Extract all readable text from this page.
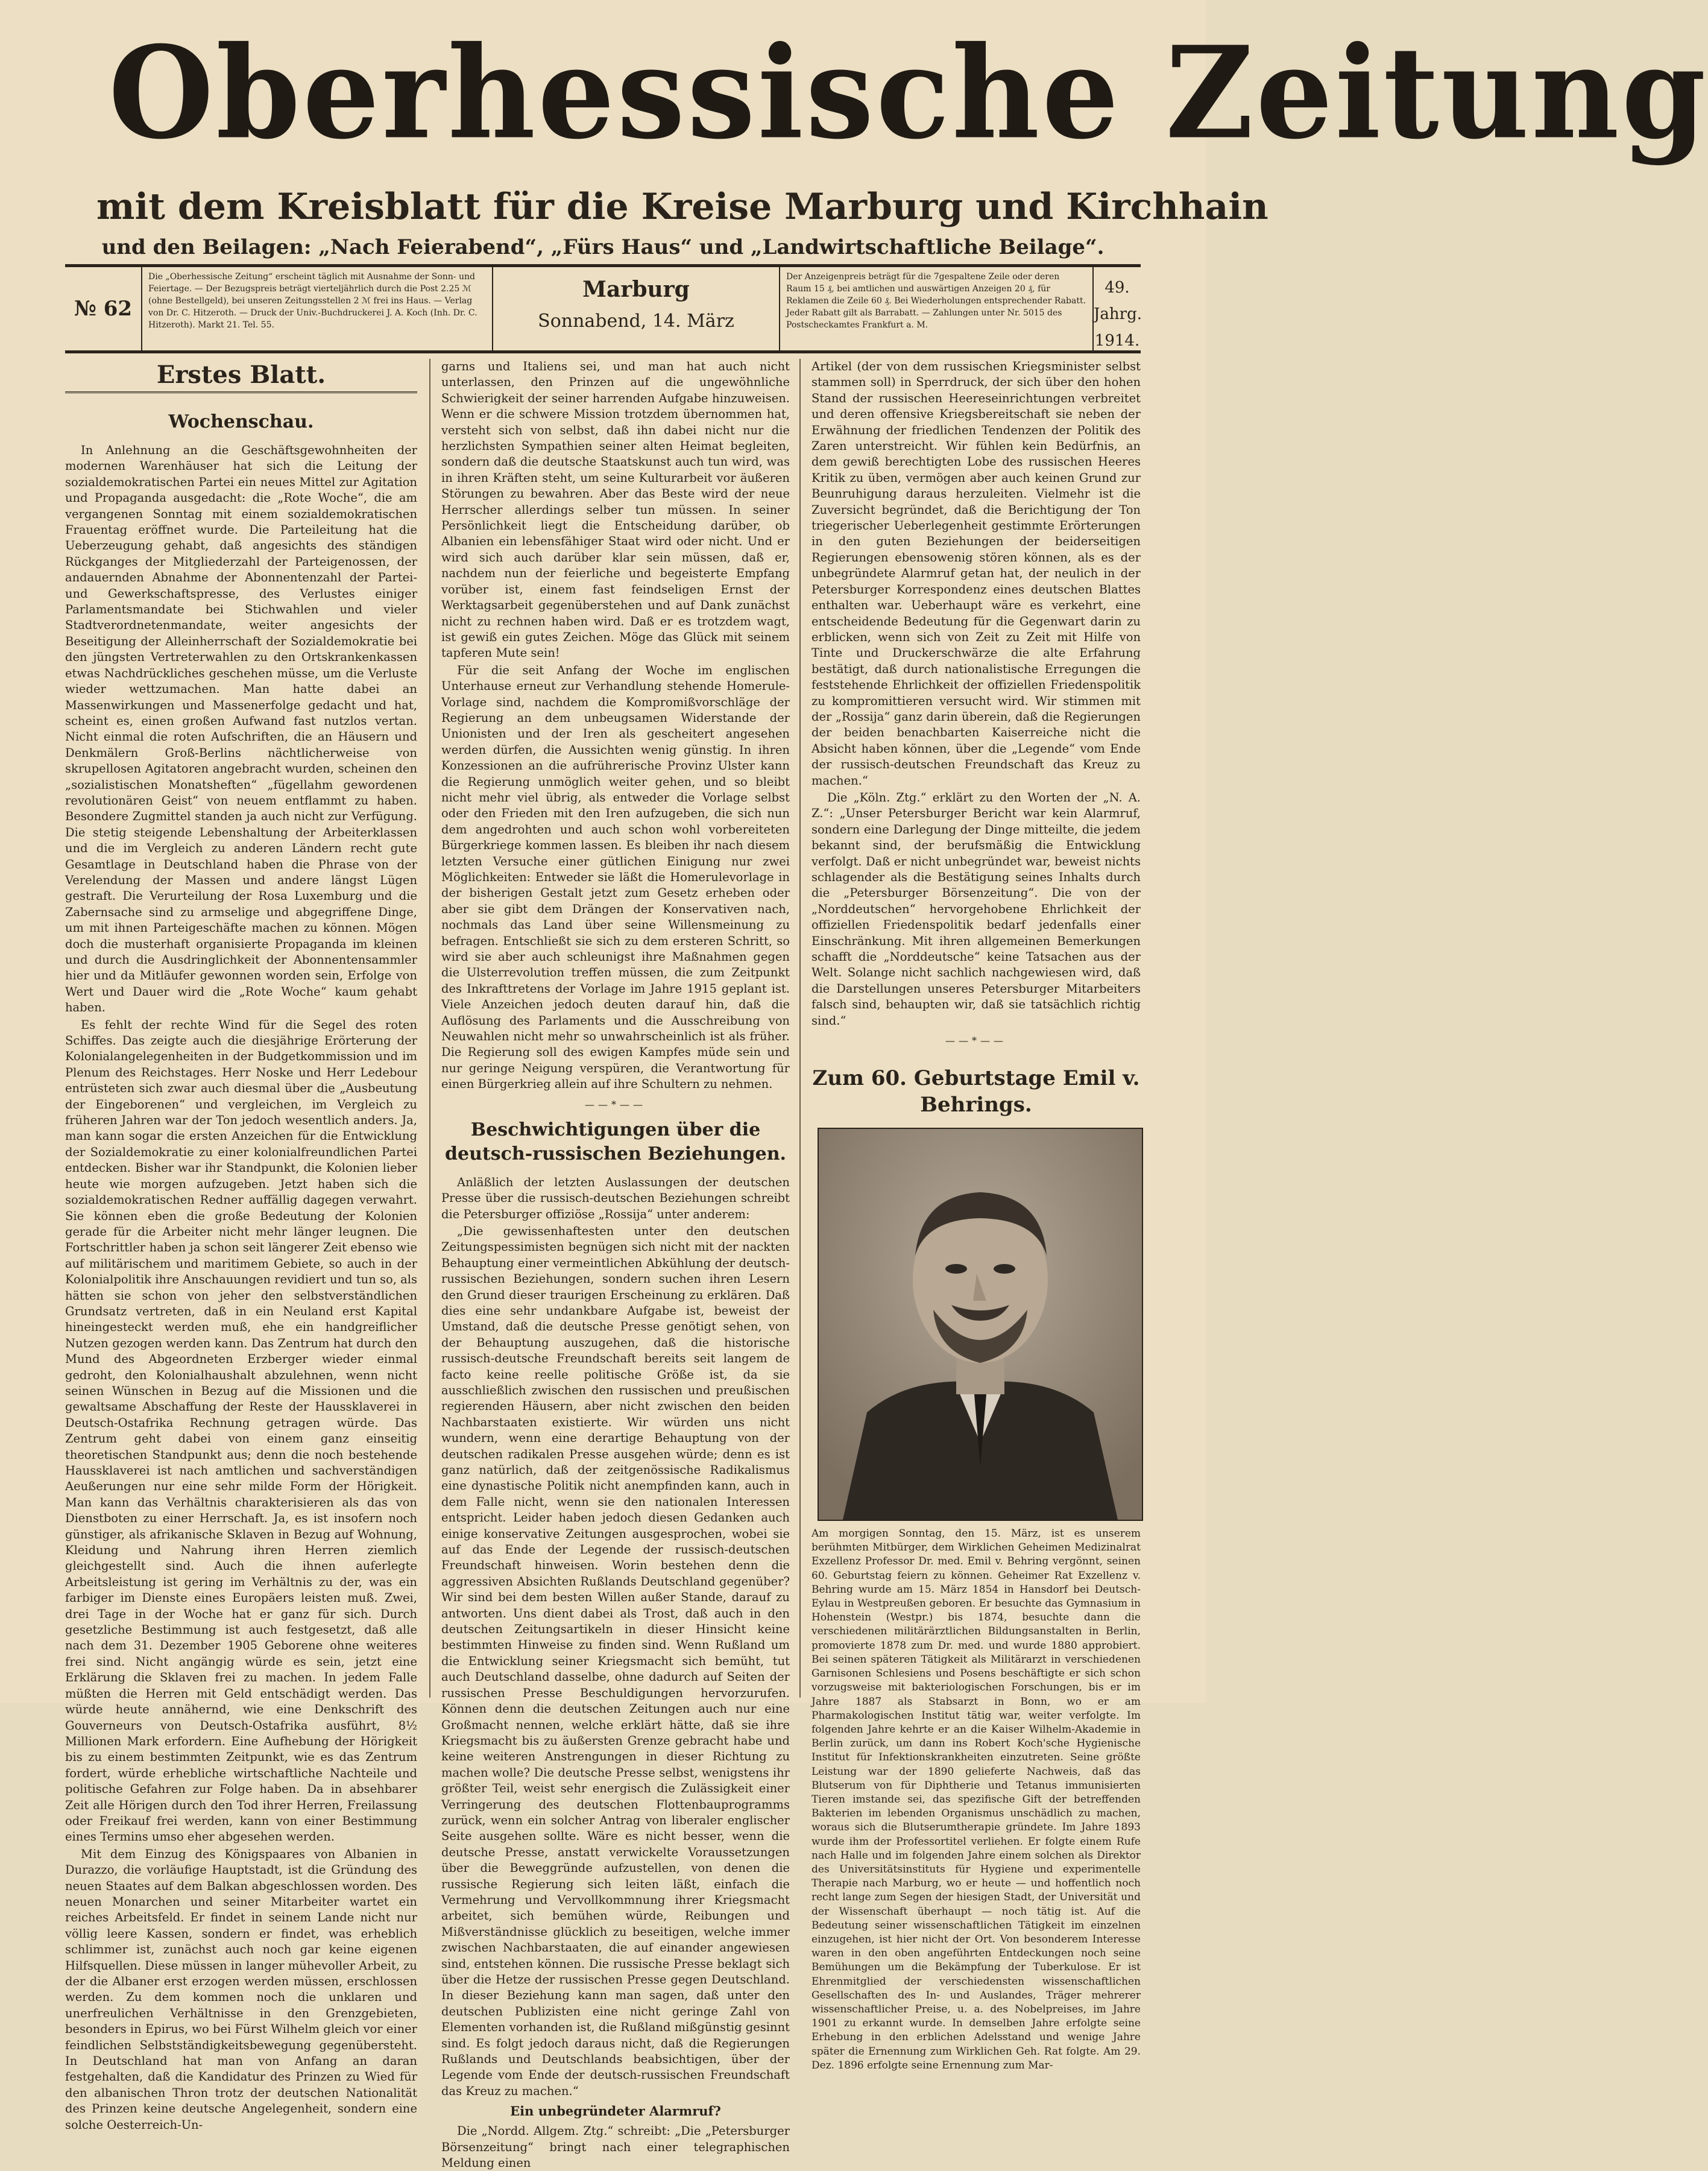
Oberhessische Zeitung
mit dem Kreisblatt für die Kreise Marburg und Kirchhain
und den Beilagen: „Nach Feierabend“, „Fürs Haus“ und „Landwirtschaftliche Beilage“.
№ 62
Die „Oberhessische Zeitung“ erscheint täglich mit Ausnahme der Sonn- und Feiertage. — Der Bezugspreis beträgt vierteljährlich durch die Post 2.25 ℳ (ohne Bestellgeld), bei unseren Zeitungsstellen 2 ℳ frei ins Haus. — Verlag von Dr. C. Hitzeroth. — Druck der Univ.-Buchdruckerei J. A. Koch (Inh. Dr. C. Hitzeroth). Markt 21. Tel. 55.
Marburg
Sonnabend, 14. März
Der Anzeigenpreis beträgt für die 7gespaltene Zeile oder deren Raum 15 ₰, bei amtlichen und auswärtigen Anzeigen 20 ₰, für Reklamen die Zeile 60 ₰. Bei Wiederholungen entsprechender Rabatt. Jeder Rabatt gilt als Barrabatt. — Zahlungen unter Nr. 5015 des Postscheckamtes Frankfurt a. M.
49. Jahrg.
1914.
Erstes Blatt.
Wochenschau.

In Anlehnung an die Geschäftsgewohnheiten der modernen Warenhäuser hat sich die Leitung der sozialdemokratischen Partei ein neues Mittel zur Agitation und Propaganda ausgedacht: die „Rote Woche“, die am vergangenen Sonntag mit einem sozialdemokratischen Frauentag eröffnet wurde. Die Parteileitung hat die Ueberzeugung gehabt, daß angesichts des ständigen Rückganges der Mitgliederzahl der Parteigenossen, der andauernden Abnahme der Abonnentenzahl der Partei- und Gewerkschaftspresse, des Verlustes einiger Parlamentsmandate bei Stichwahlen und vieler Stadtverordnetenmandate, weiter angesichts der Beseitigung der Alleinherrschaft der Sozialdemokratie bei den jüngsten Vertreterwahlen zu den Ortskrankenkassen etwas Nachdrückliches geschehen müsse, um die Verluste wieder wettzumachen. Man hatte dabei an Massenwirkungen und Massenerfolge gedacht und hat, scheint es, einen großen Aufwand fast nutzlos vertan. Nicht einmal die roten Aufschriften, die an Häusern und Denkmälern Groß-Berlins nächtlicherweise von skrupellosen Agitatoren angebracht wurden, scheinen den „sozialistischen Monatsheften“ „fügellahm gewordenen revolutionären Geist“ von neuem entflammt zu haben. Besondere Zugmittel standen ja auch nicht zur Verfügung. Die stetig steigende Lebenshaltung der Arbeiterklassen und die im Vergleich zu anderen Ländern recht gute Gesamtlage in Deutschland haben die Phrase von der Verelendung der Massen und andere längst Lügen gestraft. Die Verurteilung der Rosa Luxemburg und die Zabernsache sind zu armselige und abgegriffene Dinge, um mit ihnen Parteigeschäfte machen zu können. Mögen doch die musterhaft organisierte Propaganda im kleinen und durch die Ausdringlichkeit der Abonnentensammler hier und da Mitläufer gewonnen worden sein, Erfolge von Wert und Dauer wird die „Rote Woche“ kaum gehabt haben.

Es fehlt der rechte Wind für die Segel des roten Schiffes. Das zeigte auch die diesjährige Erörterung der Kolonialangelegenheiten in der Budgetkommission und im Plenum des Reichstages. Herr Noske und Herr Ledebour entrüsteten sich zwar auch diesmal über die „Ausbeutung der Eingeborenen“ und vergleichen, im Vergleich zu früheren Jahren war der Ton jedoch wesentlich anders. Ja, man kann sogar die ersten Anzeichen für die Entwicklung der Sozialdemokratie zu einer kolonialfreundlichen Partei entdecken. Bisher war ihr Standpunkt, die Kolonien lieber heute wie morgen aufzugeben. Jetzt haben sich die sozialdemokratischen Redner auffällig dagegen verwahrt. Sie können eben die große Bedeutung der Kolonien gerade für die Arbeiter nicht mehr länger leugnen. Die Fortschrittler haben ja schon seit längerer Zeit ebenso wie auf militärischem und maritimem Gebiete, so auch in der Kolonialpolitik ihre Anschauungen revidiert und tun so, als hätten sie schon von jeher den selbstverständlichen Grundsatz vertreten, daß in ein Neuland erst Kapital hineingesteckt werden muß, ehe ein handgreiflicher Nutzen gezogen werden kann. Das Zentrum hat durch den Mund des Abgeordneten Erzberger wieder einmal gedroht, den Kolonialhaushalt abzulehnen, wenn nicht seinen Wünschen in Bezug auf die Missionen und die gewaltsame Abschaffung der Reste der Haussklaverei in Deutsch-Ostafrika Rechnung getragen würde. Das Zentrum geht dabei von einem ganz einseitig theoretischen Standpunkt aus; denn die noch bestehende Haussklaverei ist nach amtlichen und sachverständigen Aeußerungen nur eine sehr milde Form der Hörigkeit. Man kann das Verhältnis charakterisieren als das von Dienstboten zu einer Herrschaft. Ja, es ist insofern noch günstiger, als afrikanische Sklaven in Bezug auf Wohnung, Kleidung und Nahrung ihren Herren ziemlich gleichgestellt sind. Auch die ihnen auferlegte Arbeitsleistung ist gering im Verhältnis zu der, was ein farbiger im Dienste eines Europäers leisten muß. Zwei, drei Tage in der Woche hat er ganz für sich. Durch gesetzliche Bestimmung ist auch festgesetzt, daß alle nach dem 31. Dezember 1905 Geborene ohne weiteres frei sind. Nicht angängig würde es sein, jetzt eine Erklärung die Sklaven frei zu machen. In jedem Falle müßten die Herren mit Geld entschädigt werden. Das würde heute annähernd, wie eine Denkschrift des Gouverneurs von Deutsch-Ostafrika ausführt, 8½ Millionen Mark erfordern. Eine Aufhebung der Hörigkeit bis zu einem bestimmten Zeitpunkt, wie es das Zentrum fordert, würde erhebliche wirtschaftliche Nachteile und politische Gefahren zur Folge haben. Da in absehbarer Zeit alle Hörigen durch den Tod ihrer Herren, Freilassung oder Freikauf frei werden, kann von einer Bestimmung eines Termins umso eher abgesehen werden.

Mit dem Einzug des Königspaares von Albanien in Durazzo, die vorläufige Hauptstadt, ist die Gründung des neuen Staates auf dem Balkan abgeschlossen worden. Des neuen Monarchen und seiner Mitarbeiter wartet ein reiches Arbeitsfeld. Er findet in seinem Lande nicht nur völlig leere Kassen, sondern er findet, was erheblich schlimmer ist, zunächst auch noch gar keine eigenen Hilfsquellen. Diese müssen in langer mühevoller Arbeit, zu der die Albaner erst erzogen werden müssen, erschlossen werden. Zu dem kommen noch die unklaren und unerfreulichen Verhältnisse in den Grenzgebieten, besonders in Epirus, wo bei Fürst Wilhelm gleich vor einer feindlichen Selbstständigkeitsbewegung gegenübersteht. In Deutschland hat man von Anfang an daran festgehalten, daß die Kandidatur des Prinzen zu Wied für den albanischen Thron trotz der deutschen Nationalität des Prinzen keine deutsche Angelegenheit, sondern eine solche Oesterreich-Un-

garns und Italiens sei, und man hat auch nicht unterlassen, den Prinzen auf die ungewöhnliche Schwierigkeit der seiner harrenden Aufgabe hinzuweisen. Wenn er die schwere Mission trotzdem übernommen hat, versteht sich von selbst, daß ihn dabei nicht nur die herzlichsten Sympathien seiner alten Heimat begleiten, sondern daß die deutsche Staatskunst auch tun wird, was in ihren Kräften steht, um seine Kulturarbeit vor äußeren Störungen zu bewahren. Aber das Beste wird der neue Herrscher allerdings selber tun müssen. In seiner Persönlichkeit liegt die Entscheidung darüber, ob Albanien ein lebensfähiger Staat wird oder nicht. Und er wird sich auch darüber klar sein müssen, daß er, nachdem nun der feierliche und begeisterte Empfang vorüber ist, einem fast feindseligen Ernst der Werktagsarbeit gegenüberstehen und auf Dank zunächst nicht zu rechnen haben wird. Daß er es trotzdem wagt, ist gewiß ein gutes Zeichen. Möge das Glück mit seinem tapferen Mute sein!

Für die seit Anfang der Woche im englischen Unterhause erneut zur Verhandlung stehende Homerule-Vorlage sind, nachdem die Kompromißvorschläge der Regierung an dem unbeugsamen Widerstande der Unionisten und der Iren als gescheitert angesehen werden dürfen, die Aussichten wenig günstig. In ihren Konzessionen an die aufrührerische Provinz Ulster kann die Regierung unmöglich weiter gehen, und so bleibt nicht mehr viel übrig, als entweder die Vorlage selbst oder den Frieden mit den Iren aufzugeben, die sich nun dem angedrohten und auch schon wohl vorbereiteten Bürgerkriege kommen lassen. Es bleiben ihr nach diesem letzten Versuche einer gütlichen Einigung nur zwei Möglichkeiten: Entweder sie läßt die Homerulevorlage in der bisherigen Gestalt jetzt zum Gesetz erheben oder aber sie gibt dem Drängen der Konservativen nach, nochmals das Land über seine Willensmeinung zu befragen. Entschließt sie sich zu dem ersteren Schritt, so wird sie aber auch schleunigst ihre Maßnahmen gegen die Ulsterrevolution treffen müssen, die zum Zeitpunkt des Inkrafttretens der Vorlage im Jahre 1915 geplant ist. Viele Anzeichen jedoch deuten darauf hin, daß die Auflösung des Parlaments und die Ausschreibung von Neuwahlen nicht mehr so unwahrscheinlich ist als früher. Die Regierung soll des ewigen Kampfes müde sein und nur geringe Neigung verspüren, die Verantwortung für einen Bürgerkrieg allein auf ihre Schultern zu nehmen.

——*——
Beschwichtigungen über die deutsch-russischen Beziehungen.

Anläßlich der letzten Auslassungen der deutschen Presse über die russisch-deutschen Beziehungen schreibt die Petersburger offiziöse „Rossija“ unter anderem:

„Die gewissenhaftesten unter den deutschen Zeitungspessimisten begnügen sich nicht mit der nackten Behauptung einer vermeintlichen Abkühlung der deutsch-russischen Beziehungen, sondern suchen ihren Lesern den Grund dieser traurigen Erscheinung zu erklären. Daß dies eine sehr undankbare Aufgabe ist, beweist der Umstand, daß die deutsche Presse genötigt sehen, von der Behauptung auszugehen, daß die historische russisch-deutsche Freundschaft bereits seit langem de facto keine reelle politische Größe ist, da sie ausschließlich zwischen den russischen und preußischen regierenden Häusern, aber nicht zwischen den beiden Nachbarstaaten existierte. Wir würden uns nicht wundern, wenn eine derartige Behauptung von der deutschen radikalen Presse ausgehen würde; denn es ist ganz natürlich, daß der zeitgenössische Radikalismus eine dynastische Politik nicht anempfinden kann, auch in dem Falle nicht, wenn sie den nationalen Interessen entspricht. Leider haben jedoch diesen Gedanken auch einige konservative Zeitungen ausgesprochen, wobei sie auf das Ende der Legende der russisch-deutschen Freundschaft hinweisen. Worin bestehen denn die aggressiven Absichten Rußlands Deutschland gegenüber? Wir sind bei dem besten Willen außer Stande, darauf zu antworten. Uns dient dabei als Trost, daß auch in den deutschen Zeitungsartikeln in dieser Hinsicht keine bestimmten Hinweise zu finden sind. Wenn Rußland um die Entwicklung seiner Kriegsmacht sich bemüht, tut auch Deutschland dasselbe, ohne dadurch auf Seiten der russischen Presse Beschuldigungen hervorzurufen. Können denn die deutschen Zeitungen auch nur eine Großmacht nennen, welche erklärt hätte, daß sie ihre Kriegsmacht bis zu äußersten Grenze gebracht habe und keine weiteren Anstrengungen in dieser Richtung zu machen wolle? Die deutsche Presse selbst, wenigstens ihr größter Teil, weist sehr energisch die Zulässigkeit einer Verringerung des deutschen Flottenbauprogramms zurück, wenn ein solcher Antrag von liberaler englischer Seite ausgehen sollte. Wäre es nicht besser, wenn die deutsche Presse, anstatt verwickelte Voraussetzungen über die Beweggründe aufzustellen, von denen die russische Regierung sich leiten läßt, einfach die Vermehrung und Vervollkommnung ihrer Kriegsmacht arbeitet, sich bemühen würde, Reibungen und Mißverständnisse glücklich zu beseitigen, welche immer zwischen Nachbarstaaten, die auf einander angewiesen sind, entstehen können. Die russische Presse beklagt sich über die Hetze der russischen Presse gegen Deutschland. In dieser Beziehung kann man sagen, daß unter den deutschen Publizisten eine nicht geringe Zahl von Elementen vorhanden ist, die Rußland mißgünstig gesinnt sind. Es folgt jedoch daraus nicht, daß die Regierungen Rußlands und Deutschlands beabsichtigen, über der Legende vom Ende der deutsch-russischen Freundschaft das Kreuz zu machen.“

Ein unbegründeter Alarmruf?

Die „Nordd. Allgem. Ztg.“ schreibt: „Die „Petersburger Börsenzeitung“ bringt nach einer telegraphischen Meldung einen

Artikel (der von dem russischen Kriegsminister selbst stammen soll) in Sperrdruck, der sich über den hohen Stand der russischen Heereseinrichtungen verbreitet und deren offensive Kriegsbereitschaft sie neben der Erwähnung der friedlichen Tendenzen der Politik des Zaren unterstreicht. Wir fühlen kein Bedürfnis, an dem gewiß berechtigten Lobe des russischen Heeres Kritik zu üben, vermögen aber auch keinen Grund zur Beunruhigung daraus herzuleiten. Vielmehr ist die Zuversicht begründet, daß die Berichtigung der Ton triegerischer Ueberlegenheit gestimmte Erörterungen in den guten Beziehungen der beiderseitigen Regierungen ebensowenig stören können, als es der unbegründete Alarmruf getan hat, der neulich in der Petersburger Korrespondenz eines deutschen Blattes enthalten war. Ueberhaupt wäre es verkehrt, eine entscheidende Bedeutung für die Gegenwart darin zu erblicken, wenn sich von Zeit zu Zeit mit Hilfe von Tinte und Druckerschwärze die alte Erfahrung bestätigt, daß durch nationalistische Erregungen die feststehende Ehrlichkeit der offiziellen Friedenspolitik zu kompromittieren versucht wird. Wir stimmen mit der „Rossija“ ganz darin überein, daß die Regierungen der beiden benachbarten Kaiserreiche nicht die Absicht haben können, über die „Legende“ vom Ende der russisch-deutschen Freundschaft das Kreuz zu machen.“

Die „Köln. Ztg.“ erklärt zu den Worten der „N. A. Z.“: „Unser Petersburger Bericht war kein Alarmruf, sondern eine Darlegung der Dinge mitteilte, die jedem bekannt sind, der berufsmäßig die Entwicklung verfolgt. Daß er nicht unbegründet war, beweist nichts schlagender als die Bestätigung seines Inhalts durch die „Petersburger Börsenzeitung“. Die von der „Norddeutschen“ hervorgehobene Ehrlichkeit der offiziellen Friedenspolitik bedarf jedenfalls einer Einschränkung. Mit ihren allgemeinen Bemerkungen schafft die „Norddeutsche“ keine Tatsachen aus der Welt. Solange nicht sachlich nachgewiesen wird, daß die Darstellungen unseres Petersburger Mitarbeiters falsch sind, behaupten wir, daß sie tatsächlich richtig sind.“

——*——
Zum 60. Geburtstage Emil v. Behrings.

Am morgigen Sonntag, den 15. März, ist es unserem berühmten Mitbürger, dem Wirklichen Geheimen Medizinalrat Exzellenz Professor Dr. med. Emil v. Behring vergönnt, seinen 60. Geburtstag feiern zu können. Geheimer Rat Exzellenz v. Behring wurde am 15. März 1854 in Hansdorf bei Deutsch-Eylau in Westpreußen geboren. Er besuchte das Gymnasium in Hohenstein (Westpr.) bis 1874, besuchte dann die verschiedenen militärärztlichen Bildungsanstalten in Berlin, promovierte 1878 zum Dr. med. und wurde 1880 approbiert. Bei seinen späteren Tätigkeit als Militärarzt in verschiedenen Garnisonen Schlesiens und Posens beschäftigte er sich schon vorzugsweise mit bakteriologischen Forschungen, bis er im Jahre 1887 als Stabsarzt in Bonn, wo er am Pharmakologischen Institut tätig war, weiter verfolgte. Im folgenden Jahre kehrte er an die Kaiser Wilhelm-Akademie in Berlin zurück, um dann ins Robert Koch'sche Hygienische Institut für Infektionskrankheiten einzutreten. Seine größte Leistung war der 1890 gelieferte Nachweis, daß das Blutserum von für Diphtherie und Tetanus immunisierten Tieren imstande sei, das spezifische Gift der betreffenden Bakterien im lebenden Organismus unschädlich zu machen, woraus sich die Blutserumtherapie gründete. Im Jahre 1893 wurde ihm der Professortitel verliehen. Er folgte einem Rufe nach Halle und im folgenden Jahre einem solchen als Direktor des Universitätsinstituts für Hygiene und experimentelle Therapie nach Marburg, wo er heute — und hoffentlich noch recht lange zum Segen der hiesigen Stadt, der Universität und der Wissenschaft überhaupt — noch tätig ist. Auf die Bedeutung seiner wissenschaftlichen Tätigkeit im einzelnen einzugehen, ist hier nicht der Ort. Von besonderem Interesse waren in den oben angeführten Entdeckungen noch seine Bemühungen um die Bekämpfung der Tuberkulose. Er ist Ehrenmitglied der verschiedensten wissenschaftlichen Gesellschaften des In- und Auslandes, Träger mehrerer wissenschaftlicher Preise, u. a. des Nobelpreises, im Jahre 1901 zu erkannt wurde. In demselben Jahre erfolgte seine Erhebung in den erblichen Adelsstand und wenige Jahre später die Ernennung zum Wirklichen Geh. Rat folgte. Am 29. Dez. 1896 erfolgte seine Ernennung zum Mar-
